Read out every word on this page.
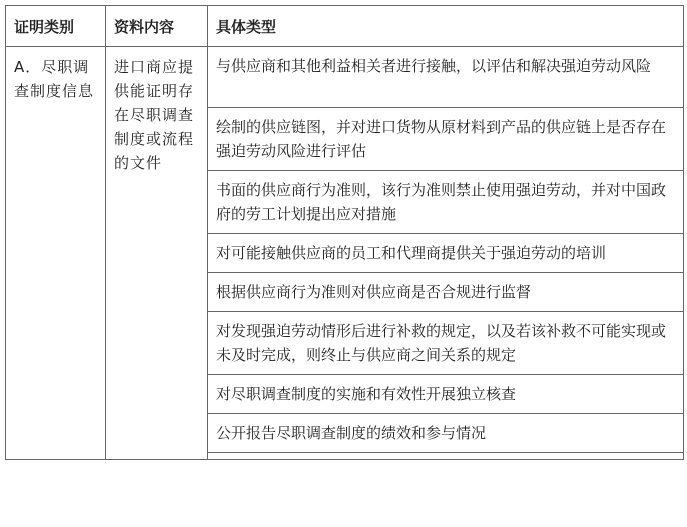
证明类别	资料内容	具体类型
A．尽职调查制度信息	进口商应提供能证明存在尽职调查制度或流程的文件	与供应商和其他利益相关者进行接触，以评估和解决强迫劳动风险
		绘制的供应链图，并对进口货物从原材料到产品的供应链上是否存在强迫劳动风险进行评估
		书面的供应商行为准则，该行为准则禁止使用强迫劳动，并对中国政府的劳工计划提出应对措施
		对可能接触供应商的员工和代理商提供关于强迫劳动的培训
		根据供应商行为准则对供应商是否合规进行监督
		对发现强迫劳动情形后进行补救的规定，以及若该补救不可能实现或未及时完成，则终止与供应商之间关系的规定
		对尽职调查制度的实施和有效性开展独立核查
		公开报告尽职调查制度的绩效和参与情况
